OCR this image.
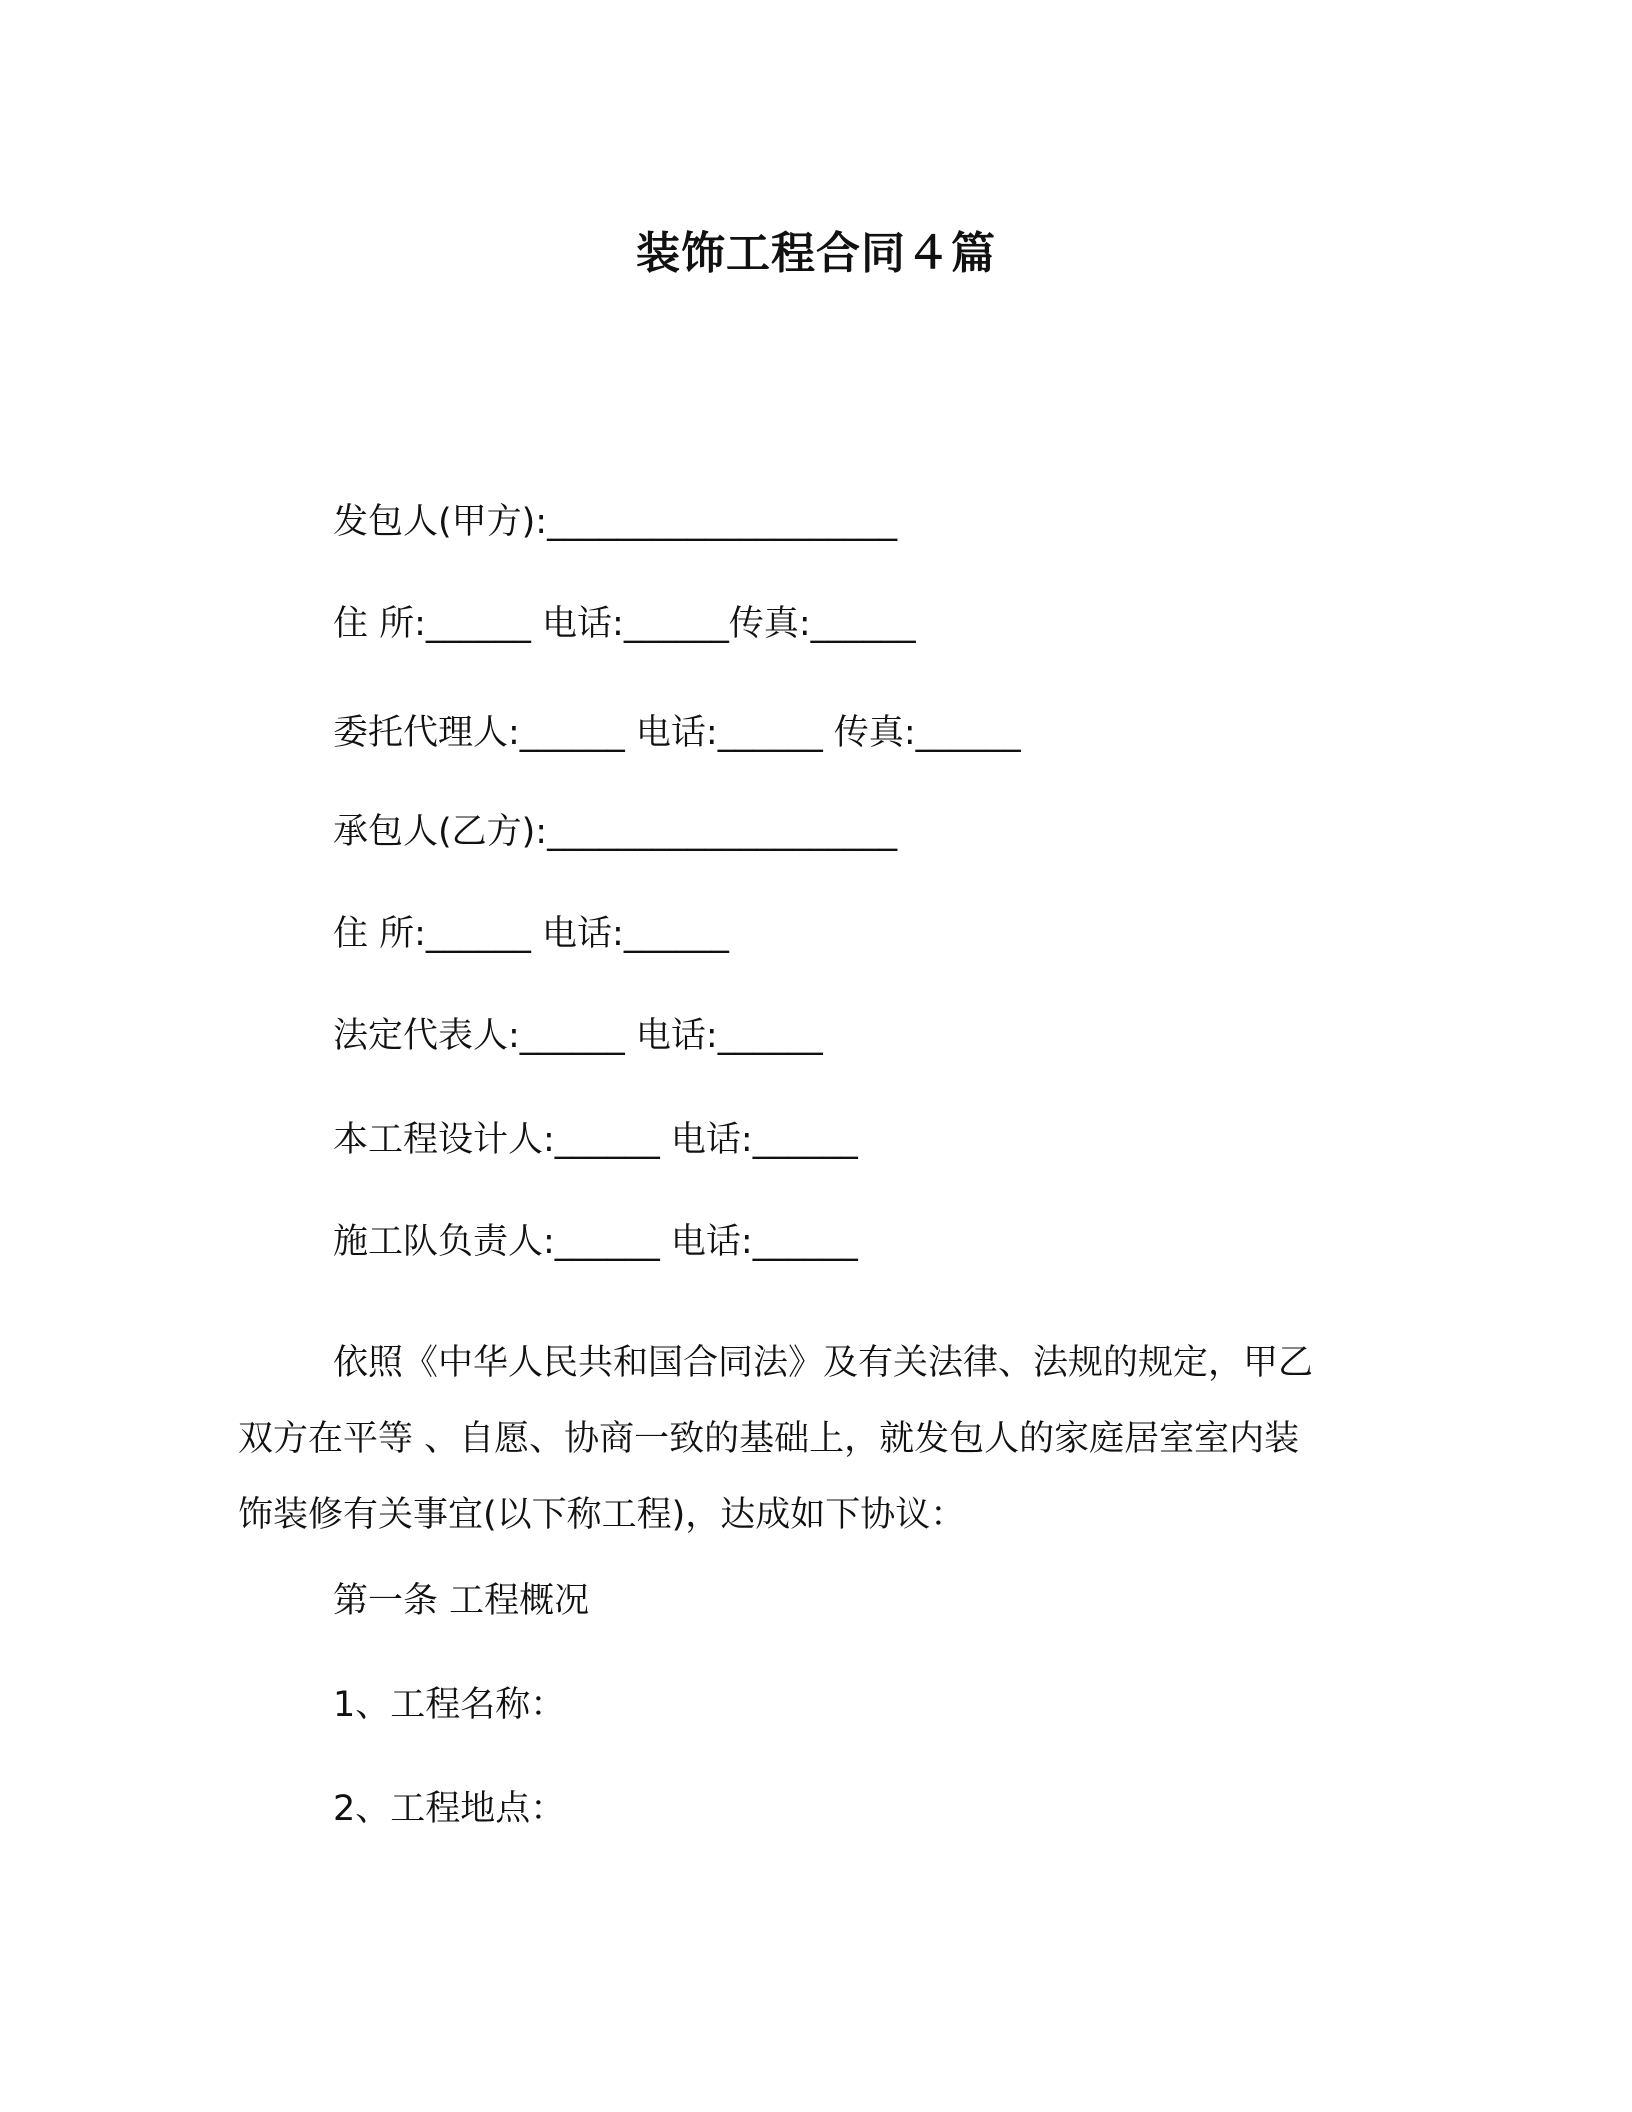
装饰工程合同４篇
发包人(甲方):____________________
住 所:______ 电话:______传真:______
委托代理人:______ 电话:______ 传真:______
承包人(乙方):____________________
住 所:______ 电话:______
法定代表人:______ 电话:______
本工程设计人:______ 电话:______
施工队负责人:______ 电话:______
依照《中华人民共和国合同法》及有关法律、法规的规定，甲乙
双方在平等 、自愿、协商一致的基础上，就发包人的家庭居室室内装
饰装修有关事宜(以下称工程)，达成如下协议：
第一条 工程概况
1、工程名称：
2、工程地点：
